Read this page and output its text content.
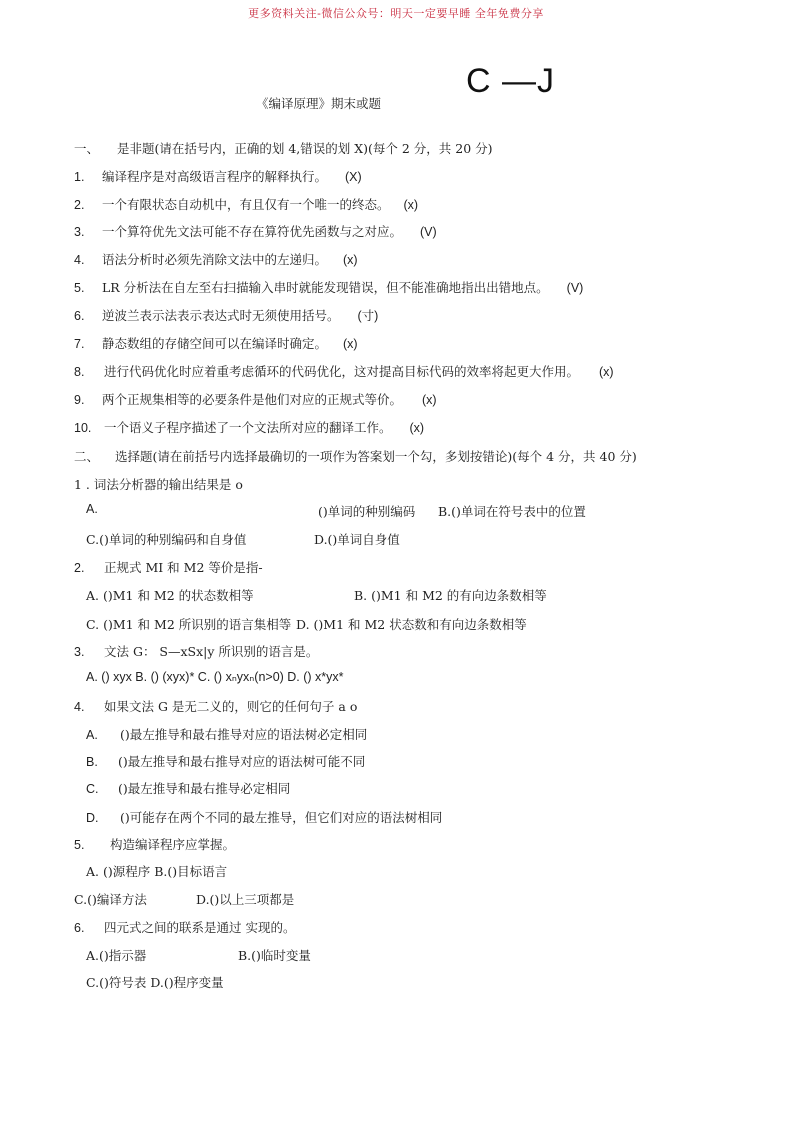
更多资料关注-微信公众号：明天一定要早睡 全年免费分享
《编译原理》期末或题
C —J
一、 是非题(请在括号内，正确的划 4,错误的划 X)(每个 2 分，共 20 分)
1. 编译程序是对高级语言程序的解释执行。 (X)
2. 一个有限状态自动机中，有且仅有一个唯一的终态。 (x)
3. 一个算符优先文法可能不存在算符优先函数与之对应。 (V)
4. 语法分析时必须先消除文法中的左递归。 (x)
5. LR 分析法在自左至右扫描输入串时就能发现错误，但不能准确地指出出错地点。 (V)
6. 逆波兰表示法表示表达式时无须使用括号。 (寸)
7. 静态数组的存储空间可以在编译时确定。 (x)
8. 进行代码优化时应着重考虑循环的代码优化，这对提高目标代码的效率将起更大作用。 (x)
9. 两个正规集相等的必要条件是他们对应的正规式等价。 (x)
10. 一个语义子程序描述了一个文法所对应的翻译工作。 (x)
二、 选择题(请在前括号内选择最确切的一项作为答案划一个勾，多划按错论)(每个 4 分，共 40 分)
1 . 词法分析器的输出结果是 o
A.	()单词的种别编码 B.()单词在符号表中的位置
C.()单词的种别编码和自身值	D.()单词自身值
2. 正规式 MI 和 M2 等价是指-
A. ()M1 和 M2 的状态数相等	B. ()M1 和 M2 的有向边条数相等
C. ()M1 和 M2 所识别的语言集相等 D. ()M1 和 M2 状态数和有向边条数相等
3. 文法 G： S—xSx|y 所识别的语言是。
A. () xyx B. () (xyx)* C. () xₙyxₙ(n>0) D. () x*yx*
4. 如果文法 G 是无二义的，则它的任何句子 a o
A. ()最左推导和最右推导对应的语法树必定相同
B. ()最左推导和最右推导对应的语法树可能不同
C. ()最左推导和最右推导必定相同
D. ()可能存在两个不同的最左推导，但它们对应的语法树相同
5. 构造编译程序应掌握。
A. ()源程序 B.()目标语言
C.()编译方法	D.()以上三项都是
6. 四元式之间的联系是通过 实现的。
A.()指示器	B.()临时变量
C.()符号表 D.()程序变量
